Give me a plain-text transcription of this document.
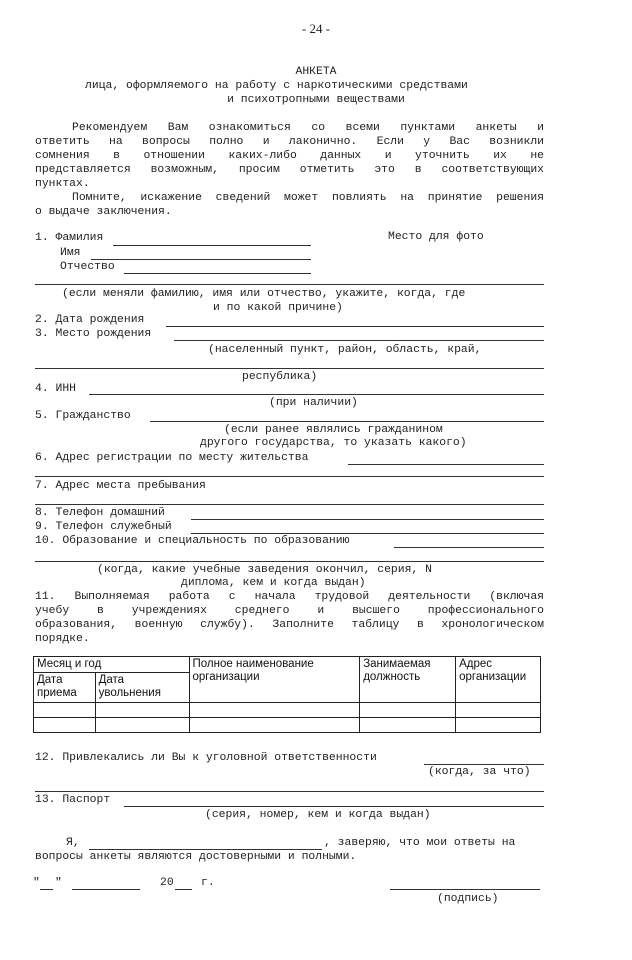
- 24 -
АНКЕТА
лица, оформляемого на работу с наркотическими средствами
и психотропными веществами
Рекомендуем Вам ознакомиться со всеми пунктами анкеты и
ответить на вопросы полно и лаконично. Если у Вас возникли
сомнения в отношении каких-либо данных и уточнить их не
представляется возможным, просим отметить это в соответствующих
пунктах.
Помните, искажение сведений может повлиять на принятие решения
о выдаче заключения.
1. Фамилия	Место для фото
Имя
Отчество
(если меняли фамилию, имя или отчество, укажите, когда, где
и по какой причине)
2. Дата рождения
3. Место рождения
(населенный пункт, район, область, край,
республика)
4. ИНН
(при наличии)
5. Гражданство
(если ранее являлись гражданином
другого государства, то указать какого)
6. Адрес регистрации по месту жительства
7. Адрес места пребывания
8. Телефон домашний
9. Телефон служебный
10. Образование и специальность по образованию
(когда, какие учебные заведения окончил, серия, N
диплома, кем и когда выдан)
11. Выполняемая работа с начала трудовой деятельности (включая
учебу в учреждениях среднего и высшего профессионального
образования, военную службу). Заполните таблицу в хронологическом
порядке.
Месяц и год		Полное наименование организации	Занимаемая должность	Адрес организации
Дата приема	Дата увольнения			

12. Привлекались ли Вы к уголовной ответственности
(когда, за что)
13. Паспорт
(серия, номер, кем и когда выдан)
Я,	, заверяю, что мои ответы на
вопросы анкеты являются достоверными и полными.
" "	20 г.
(подпись)
